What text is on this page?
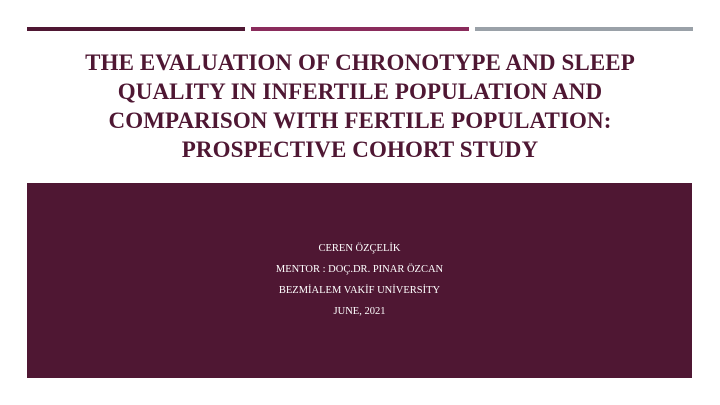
THE EVALUATION OF CHRONOTYPE AND SLEEP
QUALITY IN INFERTILE POPULATION AND
COMPARISON WITH FERTILE POPULATION:
PROSPECTIVE COHORT STUDY
CEREN ÖZÇELİK
MENTOR : DOÇ.DR. PINAR ÖZCAN
BEZMİALEM VAKİF UNİVERSİTY
JUNE, 2021
